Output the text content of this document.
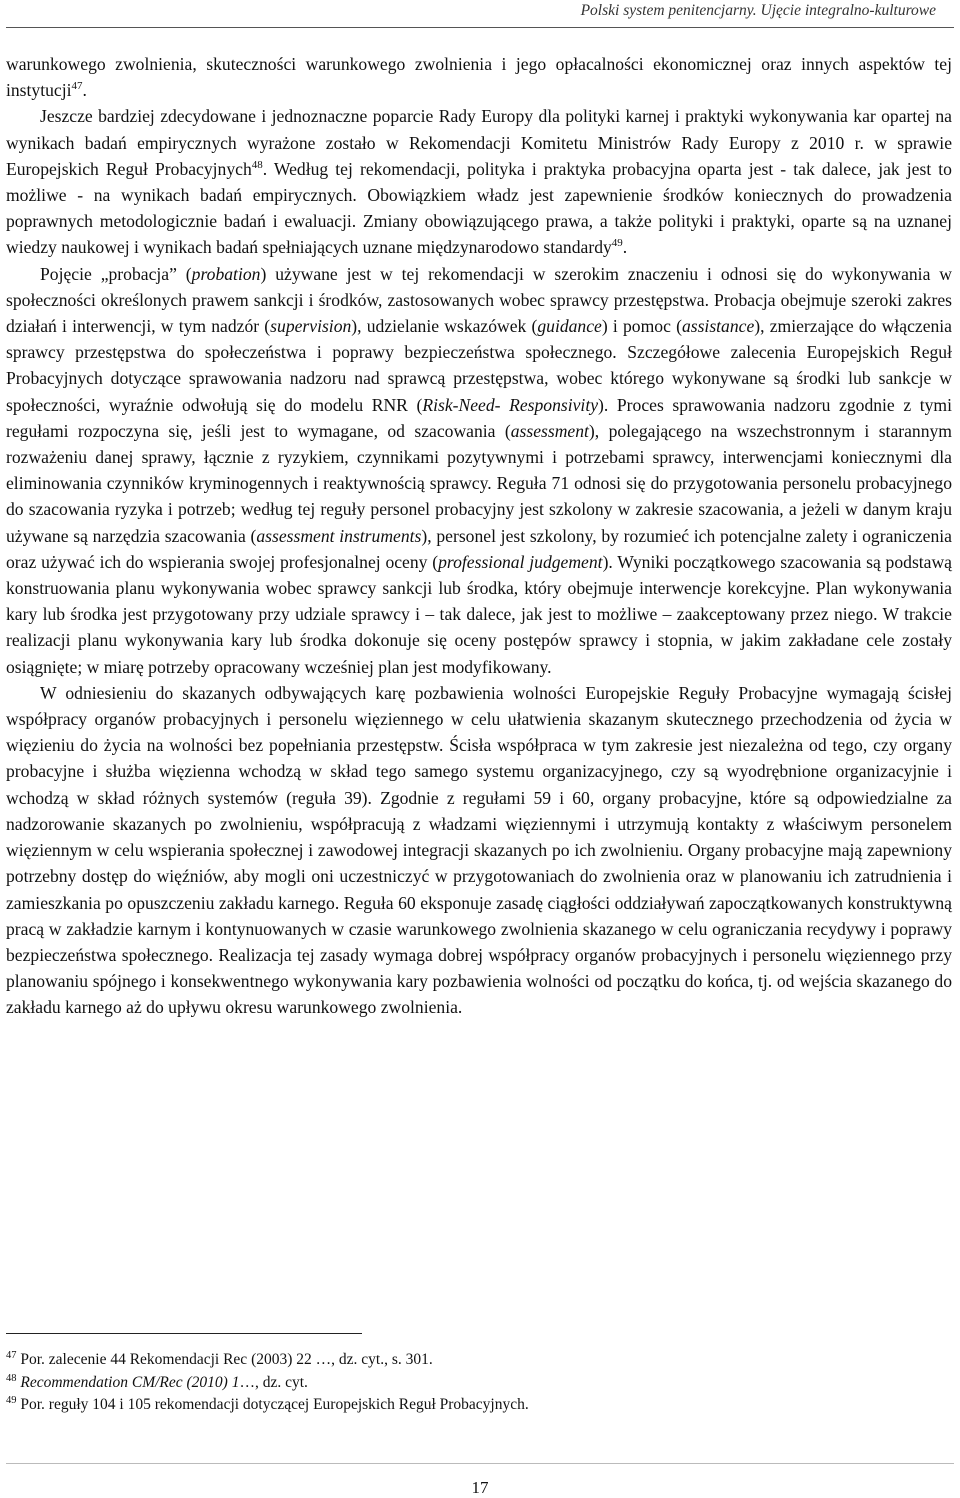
Polski system penitencjarny. Ujęcie integralno-kulturowe

warunkowego zwolnienia, skuteczności warunkowego zwolnienia i jego opłacalności ekonomicznej oraz innych aspektów tej instytucji$^{47}$.

Jeszcze bardziej zdecydowane i jednoznaczne poparcie Rady Europy dla polityki karnej i praktyki wykonywania kar opartej na wynikach badań empirycznych wyrażone zostało w Rekomendacji Komitetu Ministrów Rady Europy z 2010 r. w sprawie Europejskich Reguł Probacyjnych$^{48}$. Według tej rekomendacji, polityka i praktyka probacyjna oparta jest - tak dalece, jak jest to możliwe - na wynikach badań empirycznych. Obowiązkiem władz jest zapewnienie środków koniecznych do prowadzenia poprawnych metodologicznie badań i ewaluacji. Zmiany obowiązującego prawa, a także polityki i praktyki, oparte są na uznanej wiedzy naukowej i wynikach badań spełniających uznane międzynarodowo standardy$^{49}$.

Pojęcie „probacja” (probation) używane jest w tej rekomendacji w szerokim znaczeniu i odnosi się do wykonywania w społeczności określonych prawem sankcji i środków, zastosowanych wobec sprawcy przestępstwa. Probacja obejmuje szeroki zakres działań i interwencji, w tym nadzór (supervision), udzielanie wskazówek (guidance) i pomoc (assistance), zmierzające do włączenia sprawcy przestępstwa do społeczeństwa i poprawy bezpieczeństwa społecznego. Szczegółowe zalecenia Europejskich Reguł Probacyjnych dotyczące sprawowania nadzoru nad sprawcą przestępstwa, wobec którego wykonywane są środki lub sankcje w społeczności, wyraźnie odwołują się do modelu RNR (Risk-Need- Responsivity). Proces sprawowania nadzoru zgodnie z tymi regułami rozpoczyna się, jeśli jest to wymagane, od szacowania (assessment), polegającego na wszechstronnym i starannym rozważeniu danej sprawy, łącznie z ryzykiem, czynnikami pozytywnymi i potrzebami sprawcy, interwencjami koniecznymi dla eliminowania czynników kryminogennych i reaktywnością sprawcy. Reguła 71 odnosi się do przygotowania personelu probacyjnego do szacowania ryzyka i potrzeb; według tej reguły personel probacyjny jest szkolony w zakresie szacowania, a jeżeli w danym kraju używane są narzędzia szacowania (assessment instruments), personel jest szkolony, by rozumieć ich potencjalne zalety i ograniczenia oraz używać ich do wspierania swojej profesjonalnej oceny (professional judgement). Wyniki początkowego szacowania są podstawą konstruowania planu wykonywania wobec sprawcy sankcji lub środka, który obejmuje interwencje korekcyjne. Plan wykonywania kary lub środka jest przygotowany przy udziale sprawcy i – tak dalece, jak jest to możliwe – zaakceptowany przez niego. W trakcie realizacji planu wykonywania kary lub środka dokonuje się oceny postępów sprawcy i stopnia, w jakim zakładane cele zostały osiągnięte; w miarę potrzeby opracowany wcześniej plan jest modyfikowany.

W odniesieniu do skazanych odbywających karę pozbawienia wolności Europejskie Reguły Probacyjne wymagają ścisłej współpracy organów probacyjnych i personelu więziennego w celu ułatwienia skazanym skutecznego przechodzenia od życia w więzieniu do życia na wolności bez popełniania przestępstw. Ścisła współpraca w tym zakresie jest niezależna od tego, czy organy probacyjne i służba więzienna wchodzą w skład tego samego systemu organizacyjnego, czy są wyodrębnione organizacyjnie i wchodzą w skład różnych systemów (reguła 39). Zgodnie z regułami 59 i 60, organy probacyjne, które są odpowiedzialne za nadzorowanie skazanych po zwolnieniu, współpracują z władzami więziennymi i utrzymują kontakty z właściwym personelem więziennym w celu wspierania społecznej i zawodowej integracji skazanych po ich zwolnieniu. Organy probacyjne mają zapewniony potrzebny dostęp do więźniów, aby mogli oni uczestniczyć w przygotowaniach do zwolnienia oraz w planowaniu ich zatrudnienia i zamieszkania po opuszczeniu zakładu karnego. Reguła 60 eksponuje zasadę ciągłości oddziaływań zapoczątkowanych konstruktywną pracą w zakładzie karnym i kontynuowanych w czasie warunkowego zwolnienia skazanego w celu ograniczania recydywy i poprawy bezpieczeństwa społecznego. Realizacja tej zasady wymaga dobrej współpracy organów probacyjnych i personelu więziennego przy planowaniu spójnego i konsekwentnego wykonywania kary pozbawienia wolności od początku do końca, tj. od wejścia skazanego do zakładu karnego aż do upływu okresu warunkowego zwolnienia.

$^{47}$ Por. zalecenie 44 Rekomendacji Rec (2003) 22 …, dz. cyt., s. 301.

$^{48}$ Recommendation CM/Rec (2010) 1…, dz. cyt.

$^{49}$ Por. reguły 104 i 105 rekomendacji dotyczącej Europejskich Reguł Probacyjnych.

17
